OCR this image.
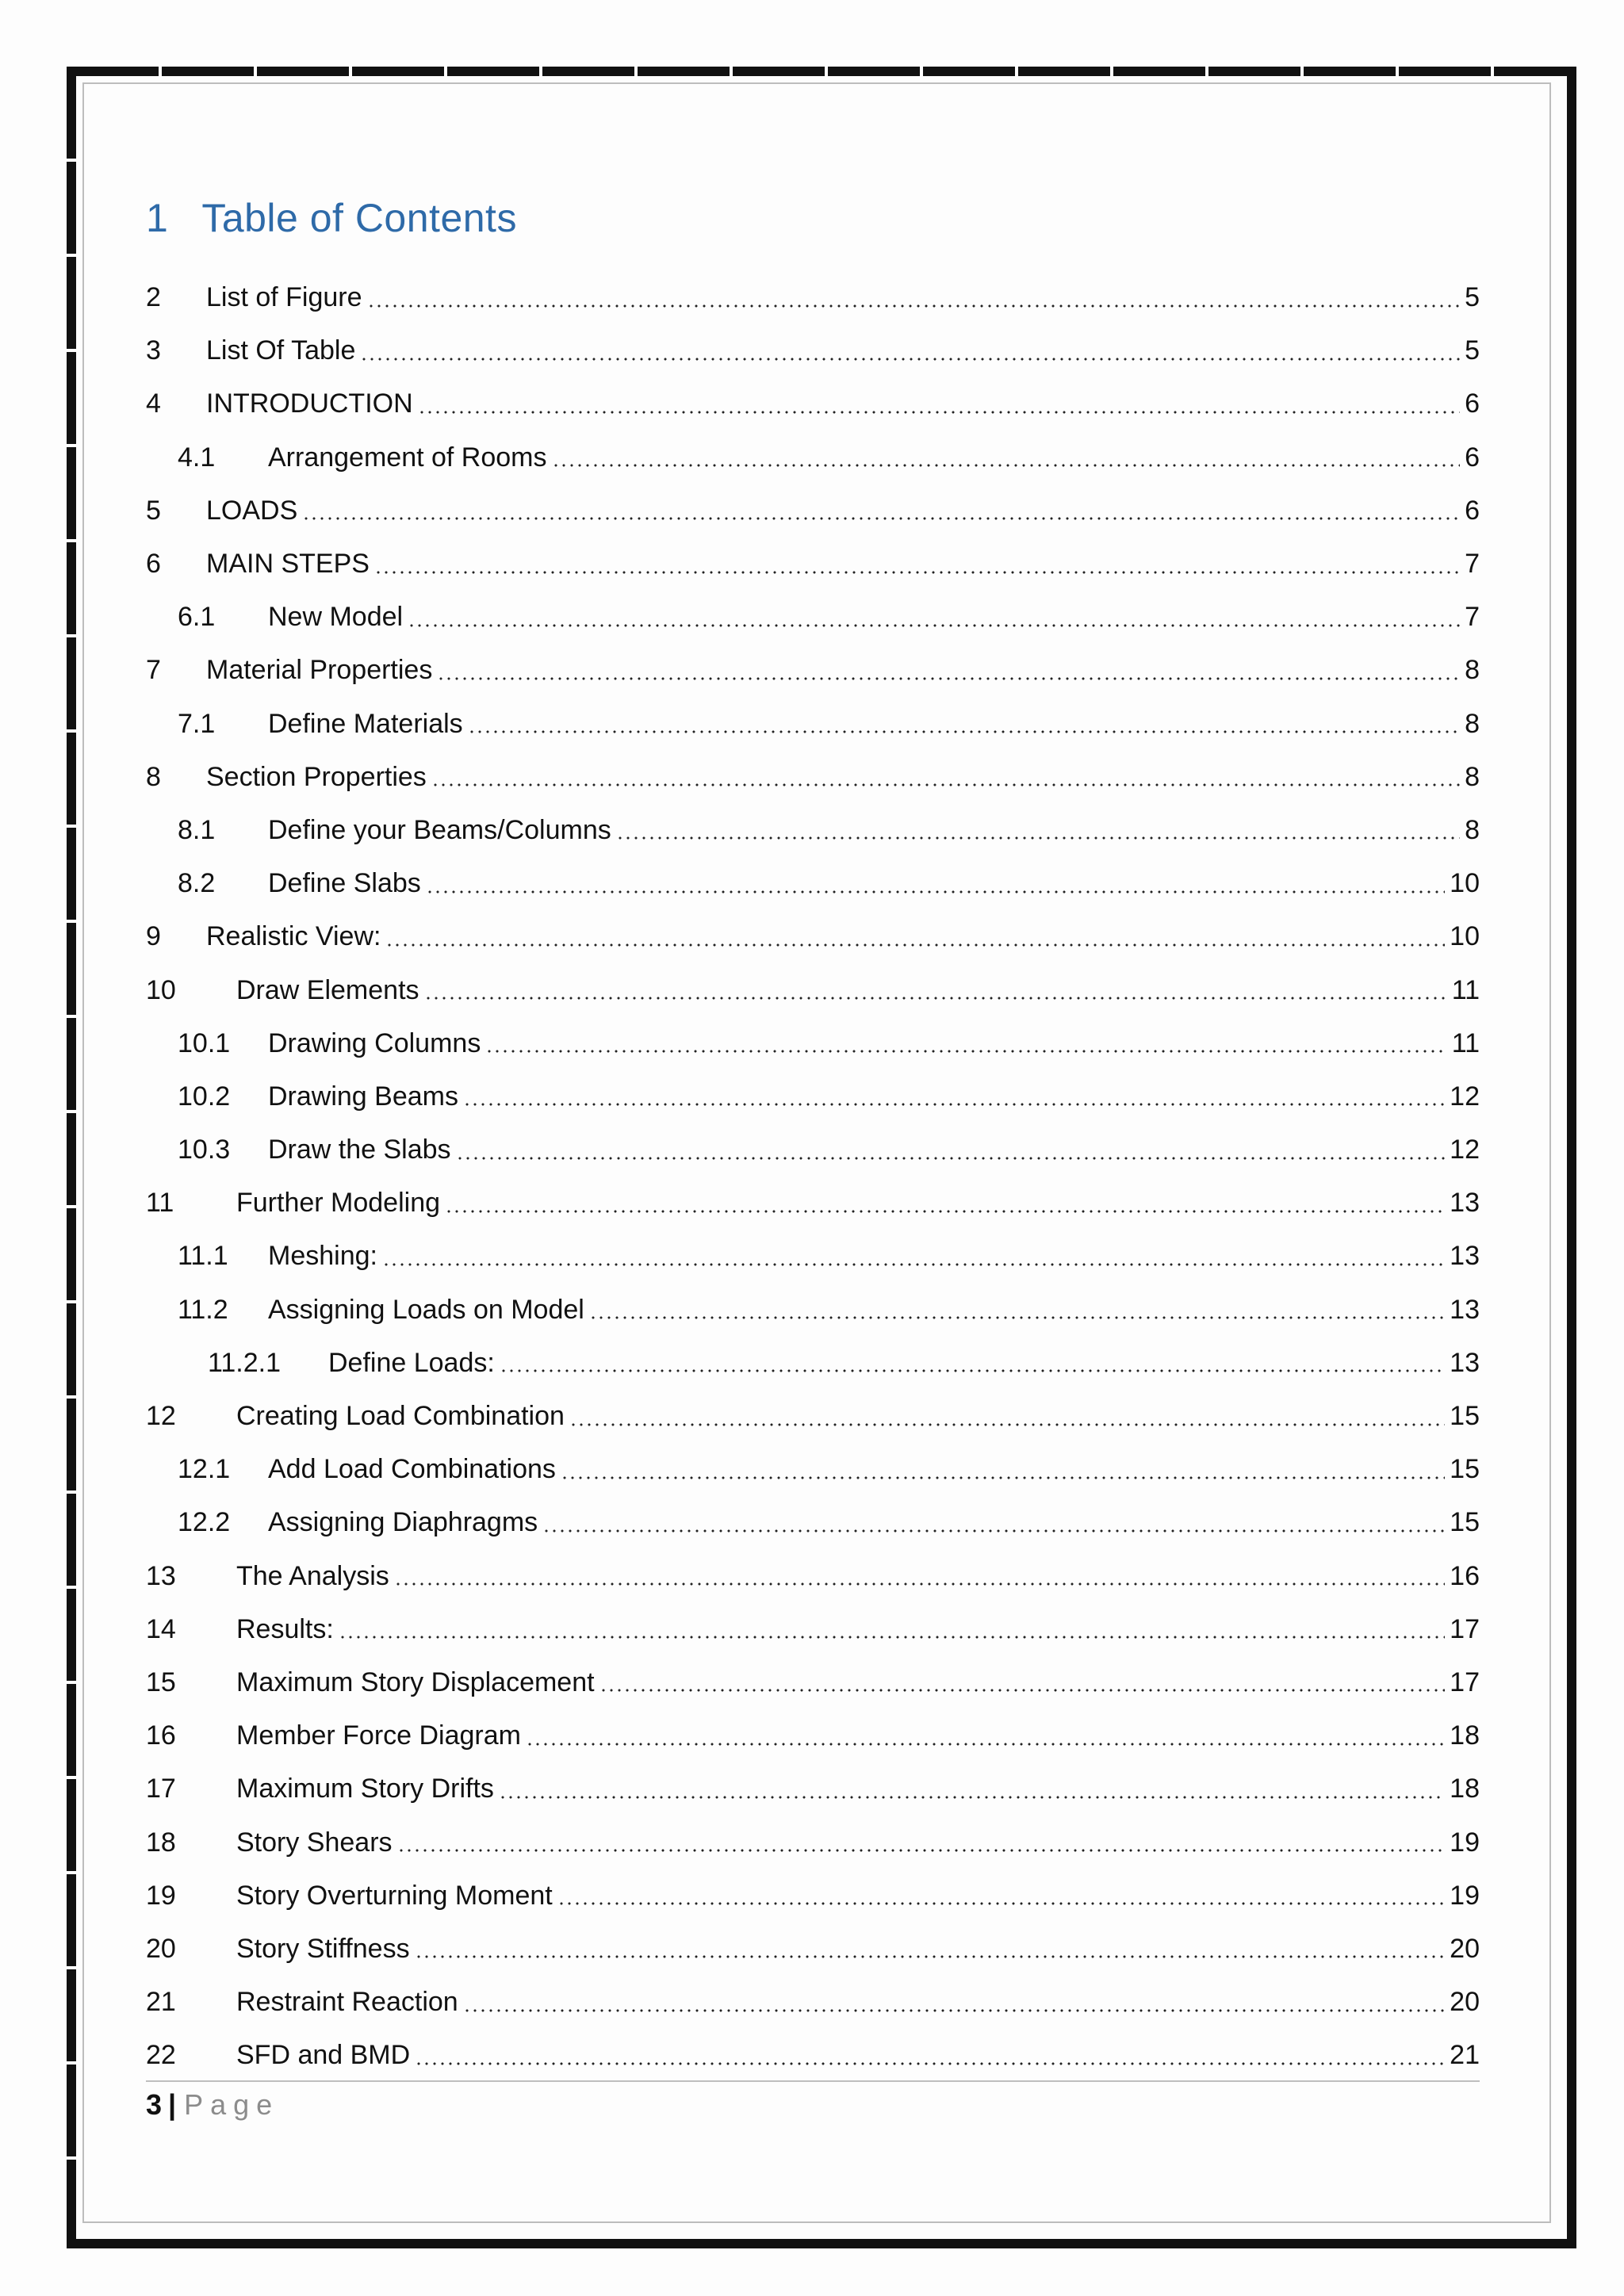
1 Table of Contents
2	List of Figure	5
3	List Of Table	5
4	INTRODUCTION	6
4.1	Arrangement of Rooms	6
5	LOADS	6
6	MAIN STEPS	7
6.1	New Model	7
7	Material Properties	8
7.1	Define Materials	8
8	Section Properties	8
8.1	Define your Beams/Columns	8
8.2	Define Slabs	10
9	Realistic View:	10
10	Draw Elements	11
10.1	Drawing Columns	11
10.2	Drawing Beams	12
10.3	Draw the Slabs	12
11	Further Modeling	13
11.1	Meshing:	13
11.2	Assigning Loads on Model	13
11.2.1	Define Loads:	13
12	Creating Load Combination	15
12.1	Add Load Combinations	15
12.2	Assigning Diaphragms	15
13	The Analysis	16
14	Results:	17
15	Maximum Story Displacement	17
16	Member Force Diagram	18
17	Maximum Story Drifts	18
18	Story Shears	19
19	Story Overturning Moment	19
20	Story Stiffness	20
21	Restraint Reaction	20
22	SFD and BMD	21
3 | Page
